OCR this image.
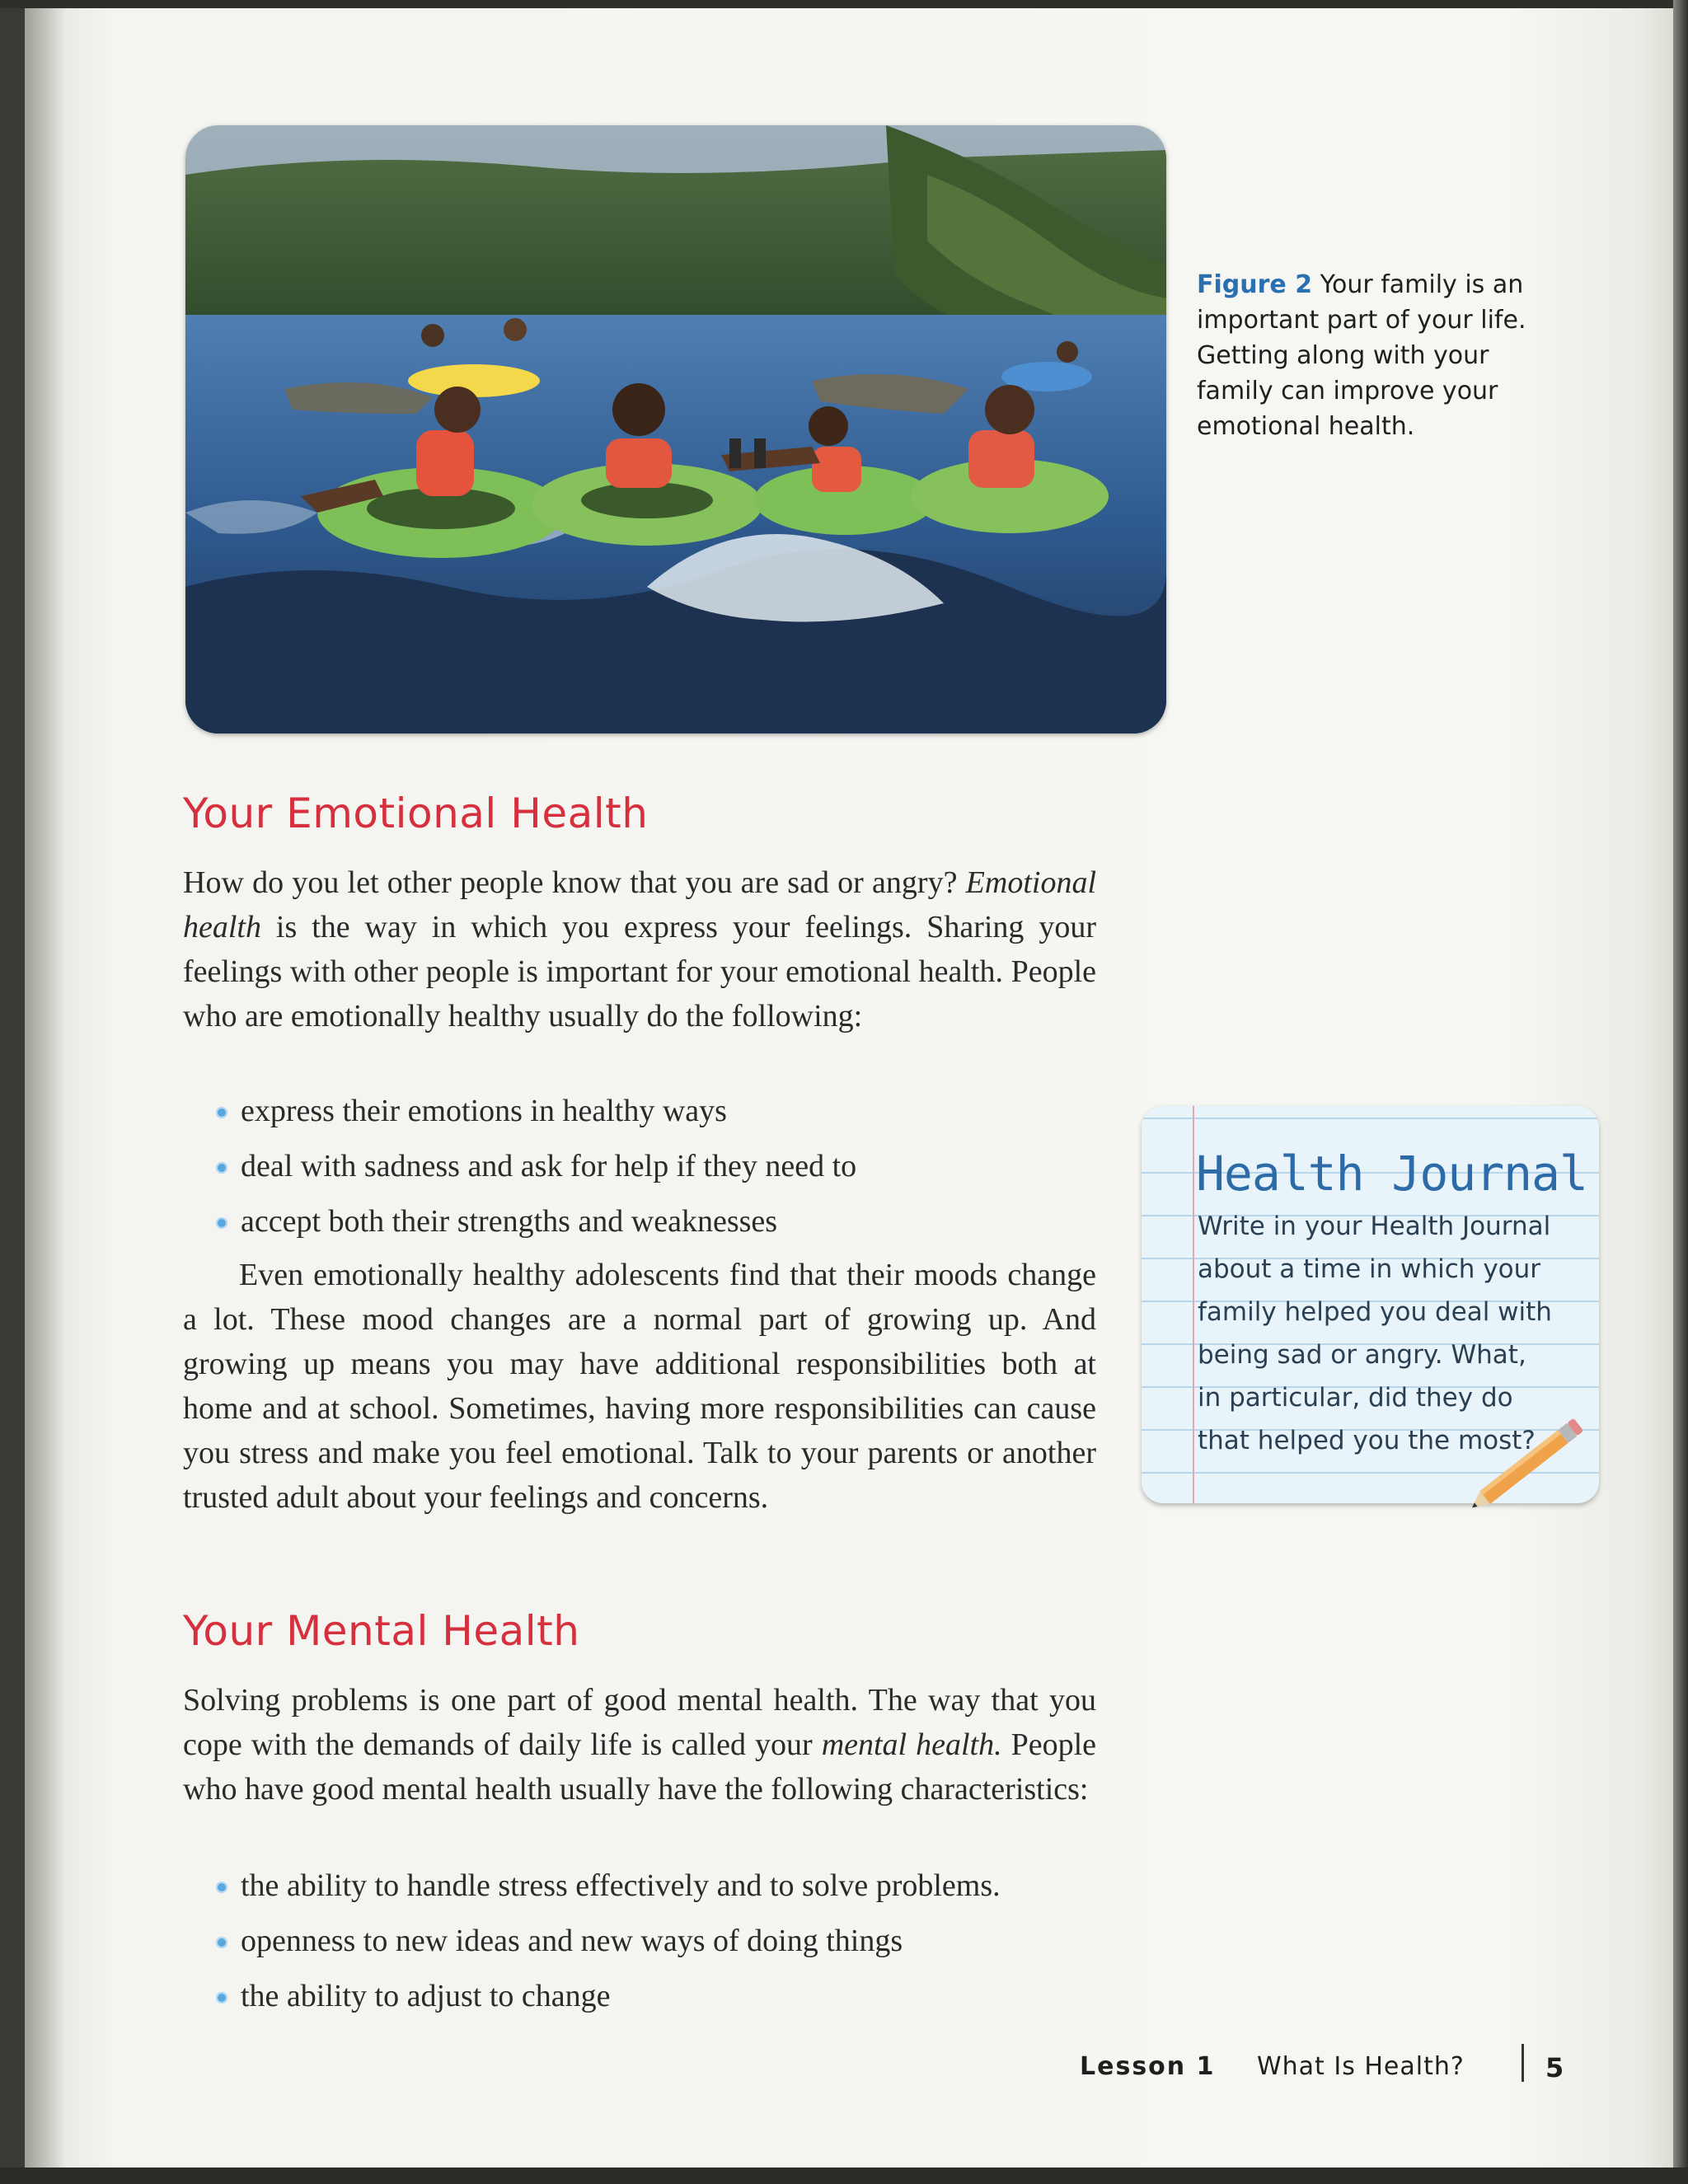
Figure 2 Your family is an important part of your life. Getting along with your family can improve your emotional health.
Your Emotional Health

How do you let other people know that you are sad or angry? Emotional health is the way in which you express your feelings. Sharing your feelings with other people is important for your emotional health. People who are emotionally healthy usually do the following:

express their emotions in healthy ways
deal with sadness and ask for help if they need to
accept both their strengths and weaknesses

Even emotionally healthy adolescents find that their moods change a lot. These mood changes are a normal part of growing up. And growing up means you may have additional responsibilities both at home and at school. Sometimes, having more responsibilities can cause you stress and make you feel emotional. Talk to your parents or another trusted adult about your feelings and concerns.

Your Mental Health

Solving problems is one part of good mental health. The way that you cope with the demands of daily life is called your mental health. People who have good mental health usually have the following characteristics:

the ability to handle stress effectively and to solve problems.
openness to new ideas and new ways of doing things
the ability to adjust to change
Health Journal
Write in your Health Journal about a time in which your family helped you deal with being sad or angry. What, in particular, did they do that helped you the most?
Lesson 1 What Is Health?	5
